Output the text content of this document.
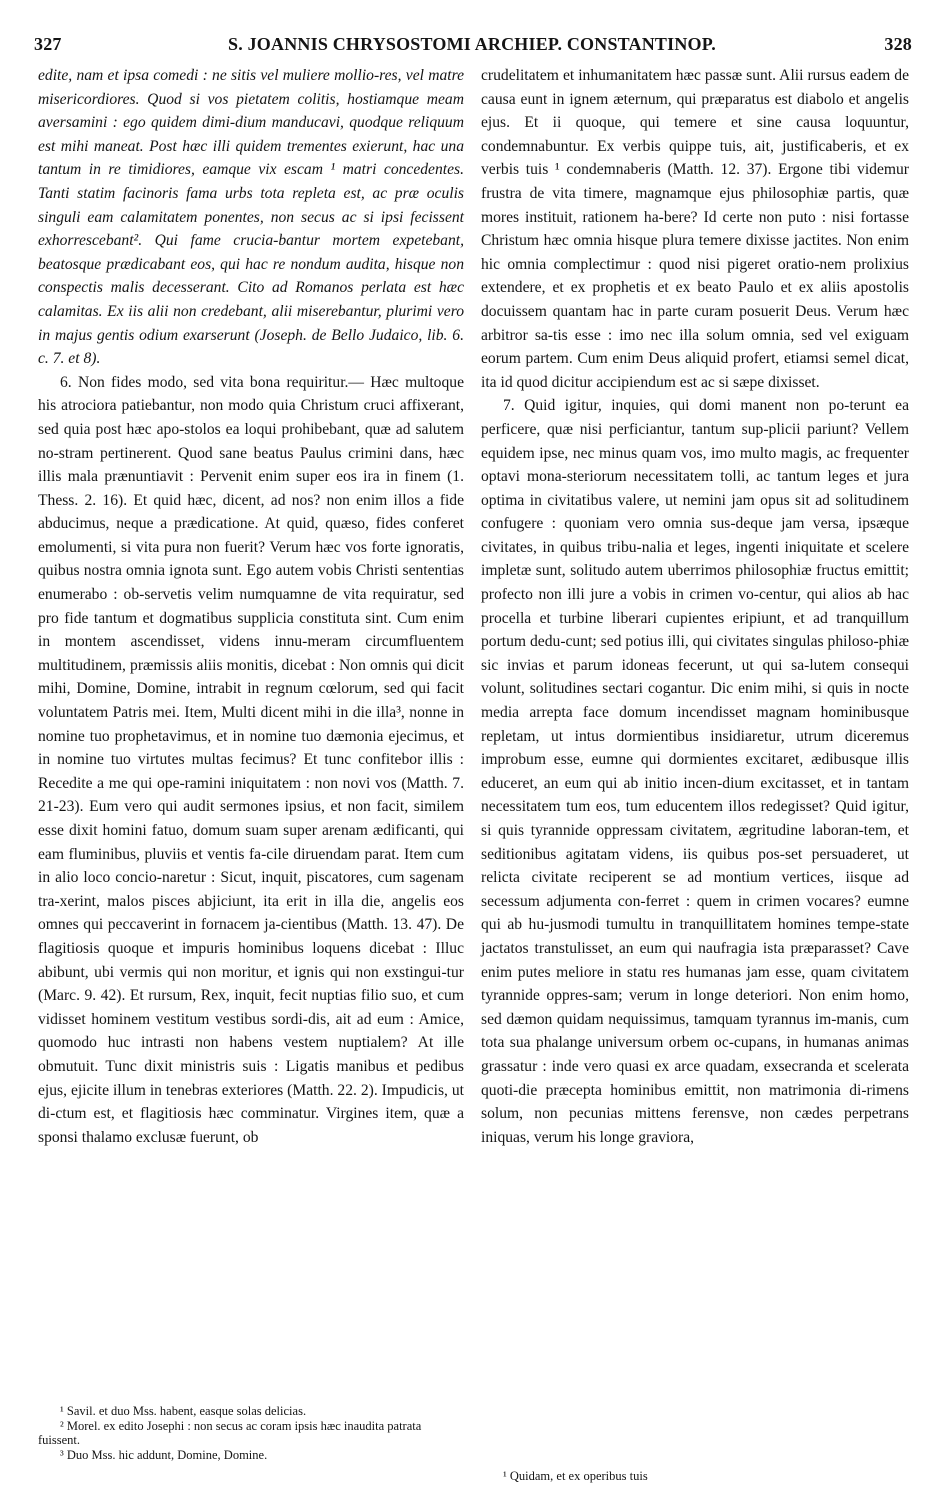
327	S. JOANNIS CHRYSOSTOMI ARCHIEP. CONSTANTINOP.	328

edite, nam et ipsa comedi : ne sitis vel muliere mollio-res, vel matre misericordiores. Quod si vos pietatem colitis, hostiamque meam aversamini : ego quidem dimi-dium manducavi, quodque reliquum est mihi maneat. Post hæc illi quidem trementes exierunt, hac una tantum in re timidiores, eamque vix escam ¹ matri concedentes. Tanti statim facinoris fama urbs tota repleta est, ac præ oculis singuli eam calamitatem ponentes, non secus ac si ipsi fecissent exhorrescebant². Qui fame crucia-bantur mortem expetebant, beatosque prædicabant eos, qui hac re nondum audita, hisque non conspectis malis decesserant. Cito ad Romanos perlata est hæc calamitas. Ex iis alii non credebant, alii miserebantur, plurimi vero in majus gentis odium exarserunt (Joseph. de Bello Judaico, lib. 6. c. 7. et 8).

6. Non fides modo, sed vita bona requiritur.— Hæc multoque his atrociora patiebantur, non modo quia Christum cruci affixerant, sed quia post hæc apo-stolos ea loqui prohibebant, quæ ad salutem no-stram pertinerent. Quod sane beatus Paulus crimini dans, hæc illis mala prænuntiavit : Pervenit enim super eos ira in finem (1. Thess. 2. 16). Et quid hæc, dicent, ad nos? non enim illos a fide abducimus, neque a prædicatione. At quid, quæso, fides conferet emolumenti, si vita pura non fuerit? Verum hæc vos forte ignoratis, quibus nostra omnia ignota sunt. Ego autem vobis Christi sententias enumerabo : ob-servetis velim numquamne de vita requiratur, sed pro fide tantum et dogmatibus supplicia constituta sint. Cum enim in montem ascendisset, videns innu-meram circumfluentem multitudinem, præmissis aliis monitis, dicebat : Non omnis qui dicit mihi, Domine, Domine, intrabit in regnum cœlorum, sed qui facit voluntatem Patris mei. Item, Multi dicent mihi in die illa³, nonne in nomine tuo prophetavimus, et in nomine tuo dæmonia ejecimus, et in nomine tuo virtutes multas fecimus? Et tunc confitebor illis : Recedite a me qui ope-ramini iniquitatem : non novi vos (Matth. 7. 21-23). Eum vero qui audit sermones ipsius, et non facit, similem esse dixit homini fatuo, domum suam super arenam ædificanti, qui eam fluminibus, pluviis et ventis fa-cile diruendam parat. Item cum in alio loco concio-naretur : Sicut, inquit, piscatores, cum sagenam tra-xerint, malos pisces abjiciunt, ita erit in illa die, angelis eos omnes qui peccaverint in fornacem ja-cientibus (Matth. 13. 47). De flagitiosis quoque et impuris hominibus loquens dicebat : Illuc abibunt, ubi vermis qui non moritur, et ignis qui non exstingui-tur (Marc. 9. 42). Et rursum, Rex, inquit, fecit nuptias filio suo, et cum vidisset hominem vestitum vestibus sordi-dis, ait ad eum : Amice, quomodo huc intrasti non habens vestem nuptialem? At ille obmutuit. Tunc dixit ministris suis : Ligatis manibus et pedibus ejus, ejicite illum in tenebras exteriores (Matth. 22. 2). Impudicis, ut di-ctum est, et flagitiosis hæc comminatur. Virgines item, quæ a sponsi thalamo exclusæ fuerunt, ob

crudelitatem et inhumanitatem hæc passæ sunt. Alii rursus eadem de causa eunt in ignem æternum, qui præparatus est diabolo et angelis ejus. Et ii quoque, qui temere et sine causa loquuntur, condemnabuntur. Ex verbis quippe tuis, ait, justificaberis, et ex verbis tuis ¹ condemnaberis (Matth. 12. 37). Ergone tibi videmur frustra de vita timere, magnamque ejus philosophiæ partis, quæ mores instituit, rationem ha-bere? Id certe non puto : nisi fortasse Christum hæc omnia hisque plura temere dixisse jactites. Non enim hic omnia complectimur : quod nisi pigeret oratio-nem prolixius extendere, et ex prophetis et ex beato Paulo et ex aliis apostolis docuissem quantam hac in parte curam posuerit Deus. Verum hæc arbitror sa-tis esse : imo nec illa solum omnia, sed vel exiguam eorum partem. Cum enim Deus aliquid profert, etiamsi semel dicat, ita id quod dicitur accipiendum est ac si sæpe dixisset.

7. Quid igitur, inquies, qui domi manent non po-terunt ea perficere, quæ nisi perficiantur, tantum sup-plicii pariunt? Vellem equidem ipse, nec minus quam vos, imo multo magis, ac frequenter optavi mona-steriorum necessitatem tolli, ac tantum leges et jura optima in civitatibus valere, ut nemini jam opus sit ad solitudinem confugere : quoniam vero omnia sus-deque jam versa, ipsæque civitates, in quibus tribu-nalia et leges, ingenti iniquitate et scelere impletæ sunt, solitudo autem uberrimos philosophiæ fructus emittit; profecto non illi jure a vobis in crimen vo-centur, qui alios ab hac procella et turbine liberari cupientes eripiunt, et ad tranquillum portum dedu-cunt; sed potius illi, qui civitates singulas philoso-phiæ sic invias et parum idoneas fecerunt, ut qui sa-lutem consequi volunt, solitudines sectari cogantur. Dic enim mihi, si quis in nocte media arrepta face domum incendisset magnam hominibusque repletam, ut intus dormientibus insidiaretur, utrum diceremus improbum esse, eumne qui dormientes excitaret, ædibusque illis educeret, an eum qui ab initio incen-dium excitasset, et in tantam necessitatem tum eos, tum educentem illos redegisset? Quid igitur, si quis tyrannide oppressam civitatem, ægritudine laboran-tem, et seditionibus agitatam videns, iis quibus pos-set persuaderet, ut relicta civitate reciperent se ad montium vertices, iisque ad secessum adjumenta con-ferret : quem in crimen vocares? eumne qui ab hu-jusmodi tumultu in tranquillitatem homines tempe-state jactatos transtulisset, an eum qui naufragia ista præparasset? Cave enim putes meliore in statu res humanas jam esse, quam civitatem tyrannide oppres-sam; verum in longe deteriori. Non enim homo, sed dæmon quidam nequissimus, tamquam tyrannus im-manis, cum tota sua phalange universum orbem oc-cupans, in humanas animas grassatur : inde vero quasi ex arce quadam, exsecranda et scelerata quoti-die præcepta hominibus emittit, non matrimonia di-rimens solum, non pecunias mittens ferensve, non cædes perpetrans iniquas, verum his longe graviora,

¹ Savil. et duo Mss. habent, easque solas delicias.

² Morel. ex edito Josephi : non secus ac coram ipsis hæc inaudita patrata fuissent.

³ Duo Mss. hic addunt, Domine, Domine.

¹ Quidam, et ex operibus tuis
